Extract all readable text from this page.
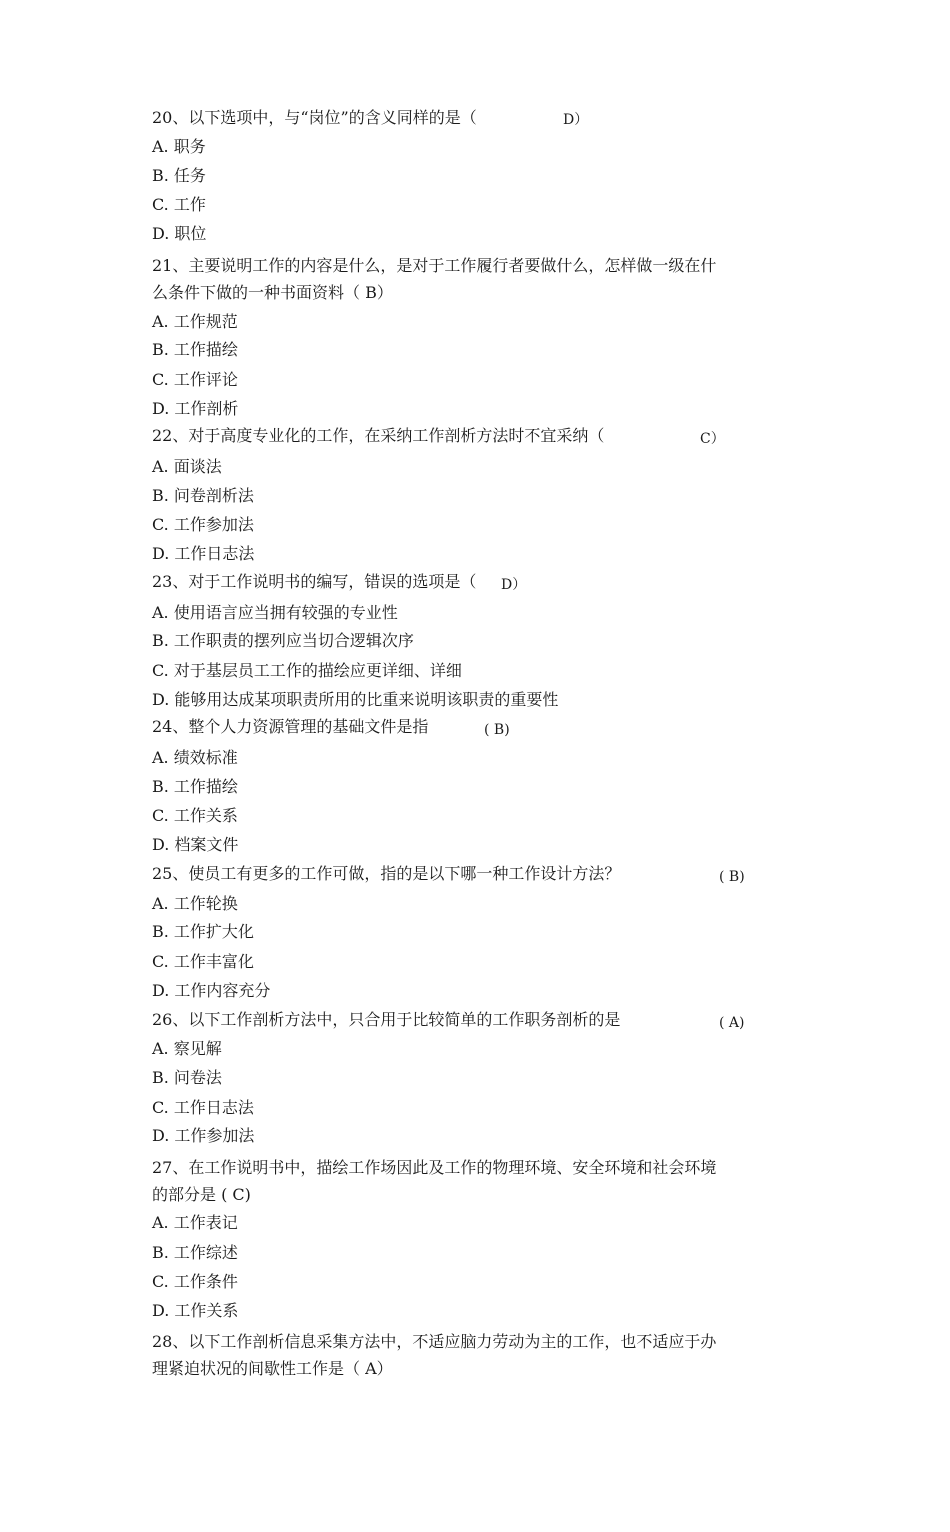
20、以下选项中，与“岗位”的含义同样的是（	D）
A. 职务
B. 任务
C. 工作
D. 职位
21、主要说明工作的内容是什么，是对于工作履行者要做什么，怎样做一级在什
么条件下做的一种书面资料（ B）
A. 工作规范
B. 工作描绘
C. 工作评论
D. 工作剖析
22、对于高度专业化的工作，在采纳工作剖析方法时不宜采纳（	C）
A. 面谈法
B. 问卷剖析法
C. 工作参加法
D. 工作日志法
23、对于工作说明书的编写，错误的选项是（ D）
A. 使用语言应当拥有较强的专业性
B. 工作职责的摆列应当切合逻辑次序
C. 对于基层员工工作的描绘应更详细、详细
D. 能够用达成某项职责所用的比重来说明该职责的重要性
24、整个人力资源管理的基础文件是指	( B)
A. 绩效标准
B. 工作描绘
C. 工作关系
D. 档案文件
25、使员工有更多的工作可做，指的是以下哪一种工作设计方法？	( B)
A. 工作轮换
B. 工作扩大化
C. 工作丰富化
D. 工作内容充分
26、以下工作剖析方法中，只合用于比较简单的工作职务剖析的是	( A)
A. 察见解
B. 问卷法
C. 工作日志法
D. 工作参加法
27、在工作说明书中，描绘工作场因此及工作的物理环境、安全环境和社会环境
的部分是 ( C)
A. 工作表记
B. 工作综述
C. 工作条件
D. 工作关系
28、以下工作剖析信息采集方法中，不适应脑力劳动为主的工作，也不适应于办
理紧迫状况的间歇性工作是（ A）
